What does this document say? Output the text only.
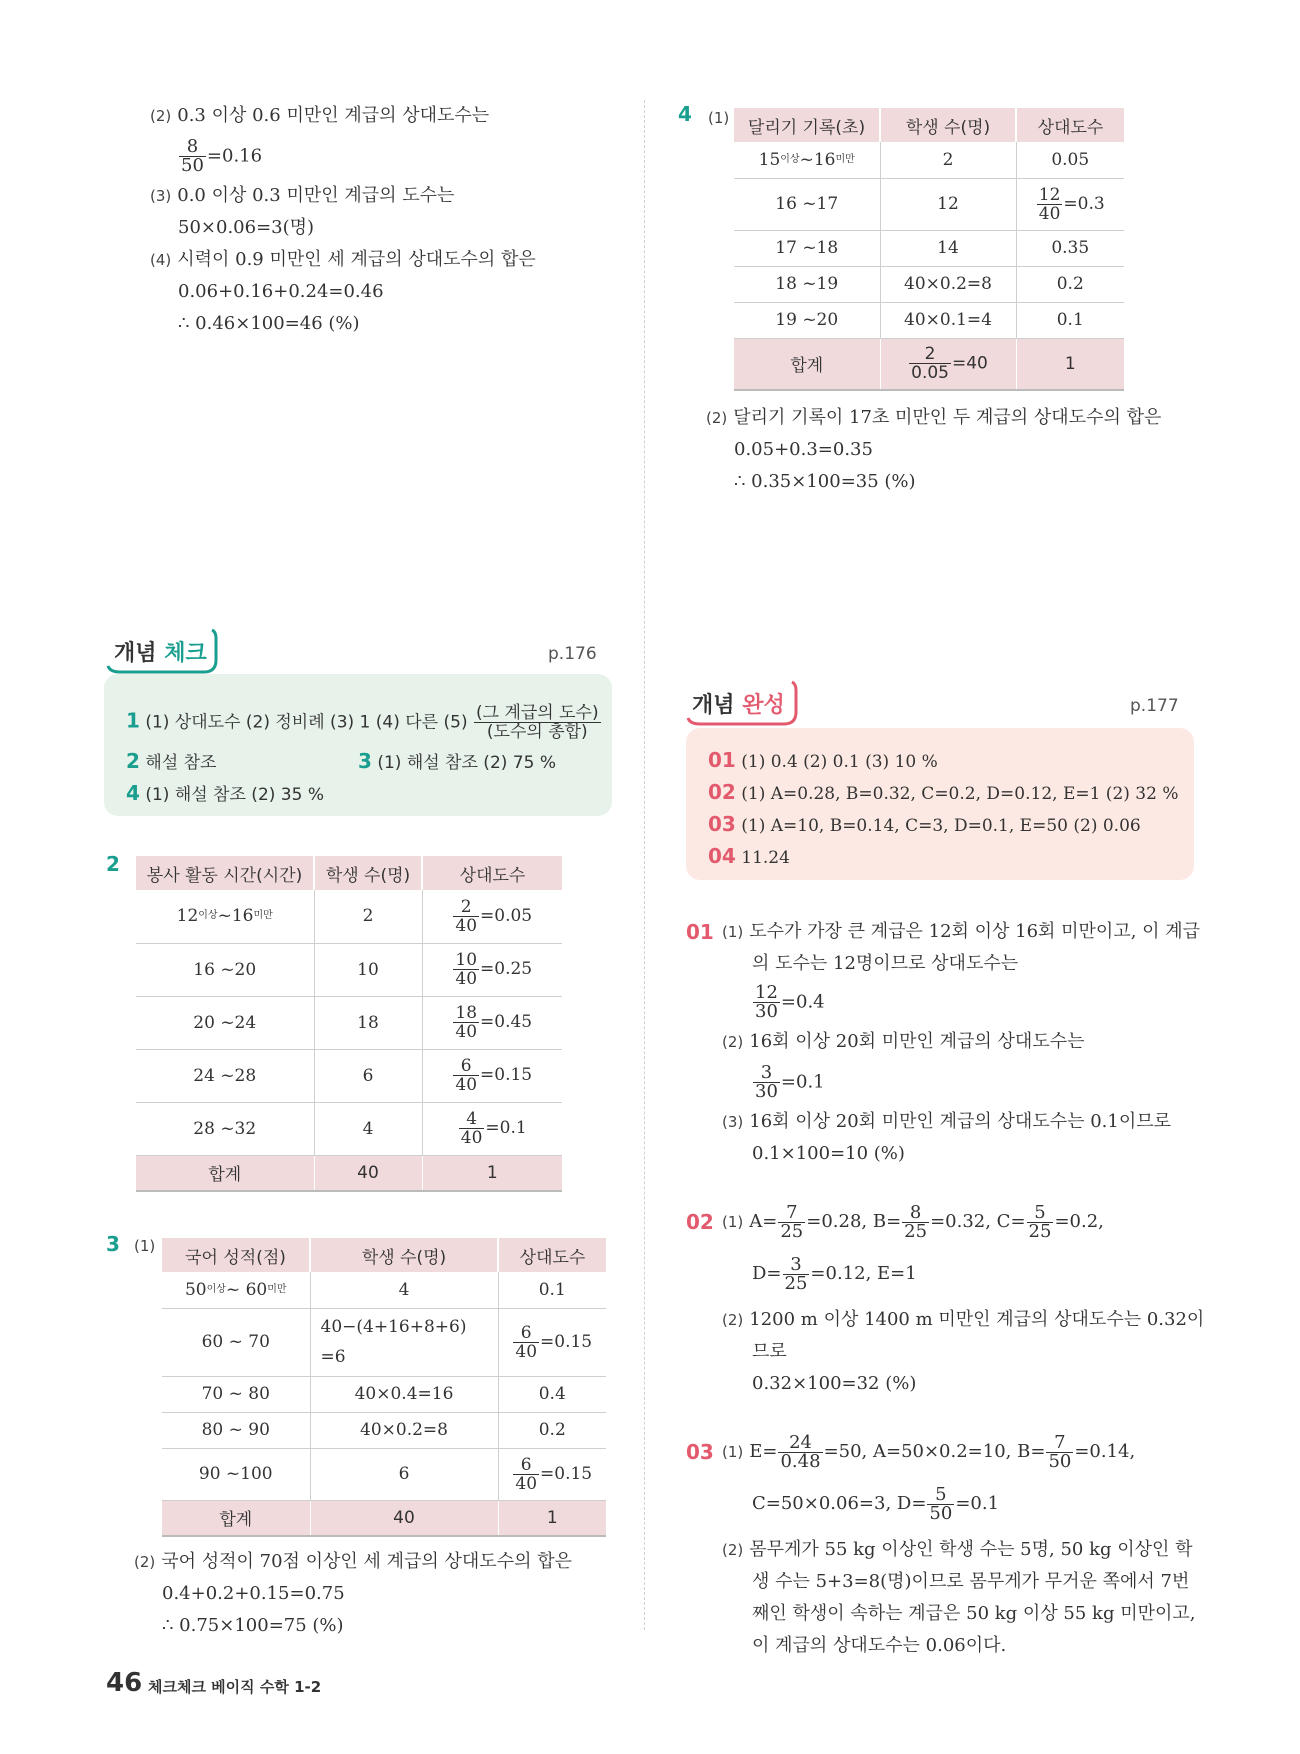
(2) 0.3 이상 0.6 미만인 계급의 상대도수는
$\frac{8}{50} =0.16$
(3) 0.0 이상 0.3 미만인 계급의 도수는
50×0.06=3(명)
(4) 시력이 0.9 미만인 세 계급의 상대도수의 합은
0.06+0.16+0.24=0.46
∴ 0.46×100=46 (%)
4 (1) 달리기 기록(초)	학생 수(명)	상대도수
$15^{이상}\sim 16^{미만}$	2	0.05
16 ~17	12	$\frac{12}{40} =0.3$
17 ~18	14	0.35
18 ~19	40×0.2=8	0.2
19 ~20	40×0.1=4	0.1
합계	$\frac{2}{0.05} =40$	1
(2) 달리기 기록이 17초 미만인 두 계급의 상대도수의 합은
0.05+0.3=0.35
∴ 0.35×100=35 (%)
개념 체크	p.176
1 (1) 상대도수 (2) 정비례 (3) 1 (4) 다른 $(5) \frac{\text{(그 계급의 도수)}}{\text{(도수의 총합)}}$
2 해설 참조	3 (1) 해설 참조 (2) 75 %
4 (1) 해설 참조 (2) 35 %
2 봉사 활동 시간(시간)	학생 수(명)	상대도수
$12^{이상}\sim 16^{미만}$	2	$\frac{2}{40} =0.05$
16 ~20	10	$\frac{10}{40} =0.25$
20 ~24	18	$\frac{18}{40} =0.45$
24 ~28	6	$\frac{6}{40} =0.15$
28 ~32	4	$\frac{4}{40} =0.1$
합계	40	1
3 (1)
국어 성적(점)	학생 수(명)	상대도수
$50^{이상}\sim$ $60^{미만}$	4	0.1
60 ~ 70	40−(4+16+8+6)
=6	$\frac{6}{40} =0.15$
70 ~ 80	40×0.4=16	0.4
80 ~ 90	40×0.2=8	0.2
90 ~100	6	$\frac{6}{40} =0.15$
합계	40	1
(2) 국어 성적이 70점 이상인 세 계급의 상대도수의 합은
0.4+0.2+0.15=0.75
∴ 0.75×100=75 (%)
개념 완성	p.177
01 (1) 0.4 (2) 0.1 (3) 10 %
02 (1) A=0.28, B=0.32, C=0.2, D=0.12, E=1 (2) 32 %
03 (1) A=10, B=0.14, C=3, D=0.1, E=50 (2) 0.06
04 11.24
01 (1) 도수가 가장 큰 계급은 12회 이상 16회 미만이고, 이 계급
의 도수는 12명이므로 상대도수는
$\frac{12}{30} =0.4$
(2) 16회 이상 20회 미만인 계급의 상대도수는
$\frac{3}{30} =0.1$
(3) 16회 이상 20회 미만인 계급의 상대도수는 0.1이므로
0.1×100=10 (%)
02 (1) $A= \frac{7}{25} =0.28$, $B= \frac{8}{25} =0.32$, $C= \frac{5}{25} =0.2$,
$D= \frac{3}{25} =0.12$, E=1
(2) 1200 m 이상 1400 m 미만인 계급의 상대도수는 0.32이
므로
0.32×100=32 (%)
03 (1) $E= \frac{24}{0.48} =50$, A=50×0.2=10, $B= \frac{7}{50} =0.14$,
C=50×0.06=3, $D= \frac{5}{50} =0.1$
(2) 몸무게가 55 kg 이상인 학생 수는 5명, 50 kg 이상인 학
생 수는 5+3=8(명)이므로 몸무게가 무거운 쪽에서 7번
째인 학생이 속하는 계급은 50 kg 이상 55 kg 미만이고,
이 계급의 상대도수는 0.06이다.
46 체크체크 베이직 수학 1-2
